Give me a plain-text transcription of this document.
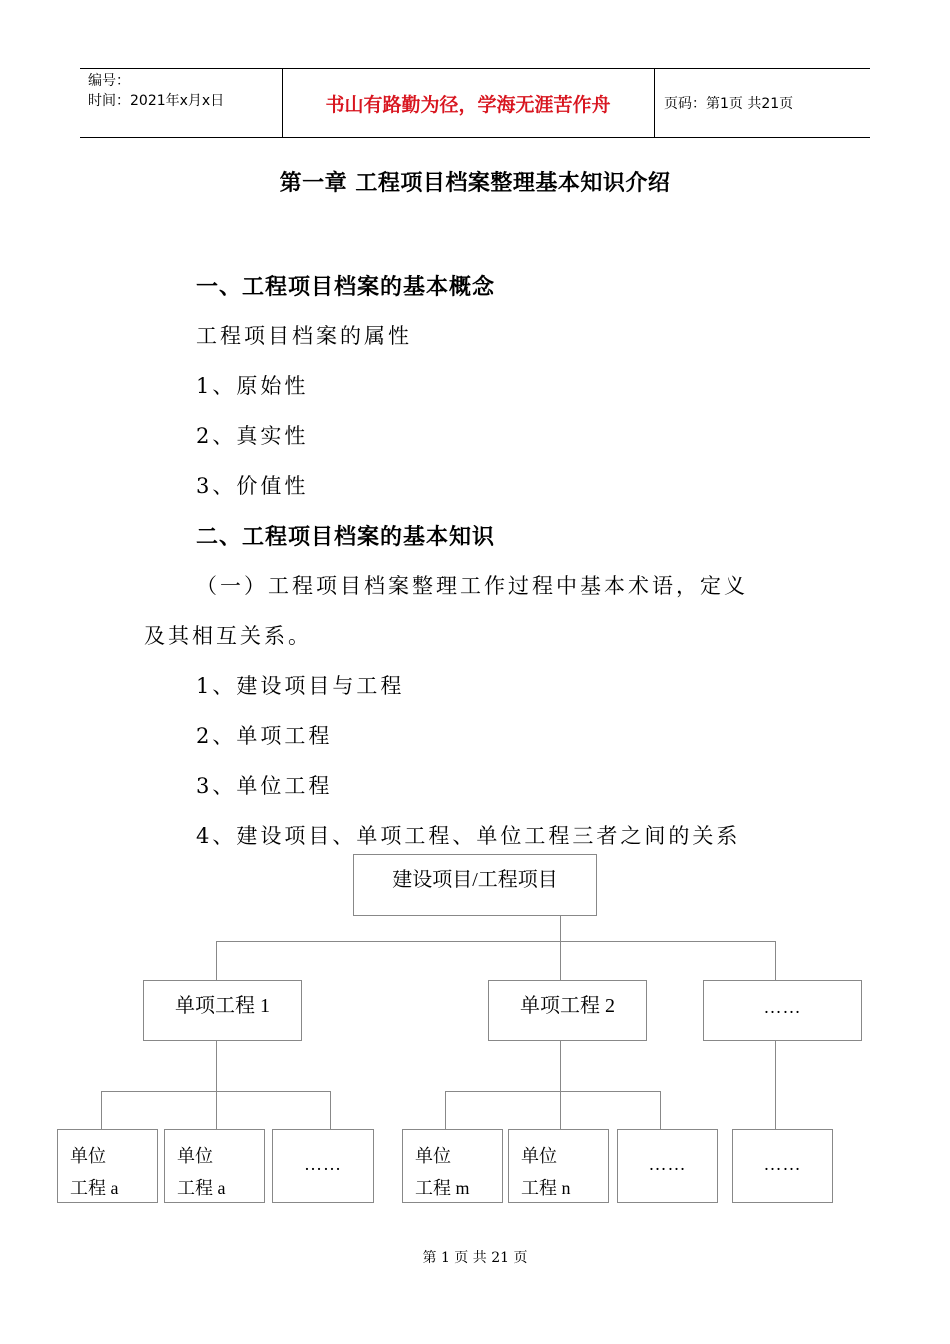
编号：
时间：2021年x月x日	书山有路勤为径，学海无涯苦作舟	页码：第1页 共21页
第一章 工程项目档案整理基本知识介绍
一、工程项目档案的基本概念
工程项目档案的属性
1、原始性
2、真实性
3、价值性
二、工程项目档案的基本知识
（一）工程项目档案整理工作过程中基本术语，定义
及其相互关系。
1、建设项目与工程
2、单项工程
3、单位工程
4、建设项目、单项工程、单位工程三者之间的关系
建设项目/工程项目
单项工程 1	单项工程 2	……
单位
工程 a
单位
工程 a
……	单位
工程 m
单位
工程 n
……	……
第 1 页 共 21 页
